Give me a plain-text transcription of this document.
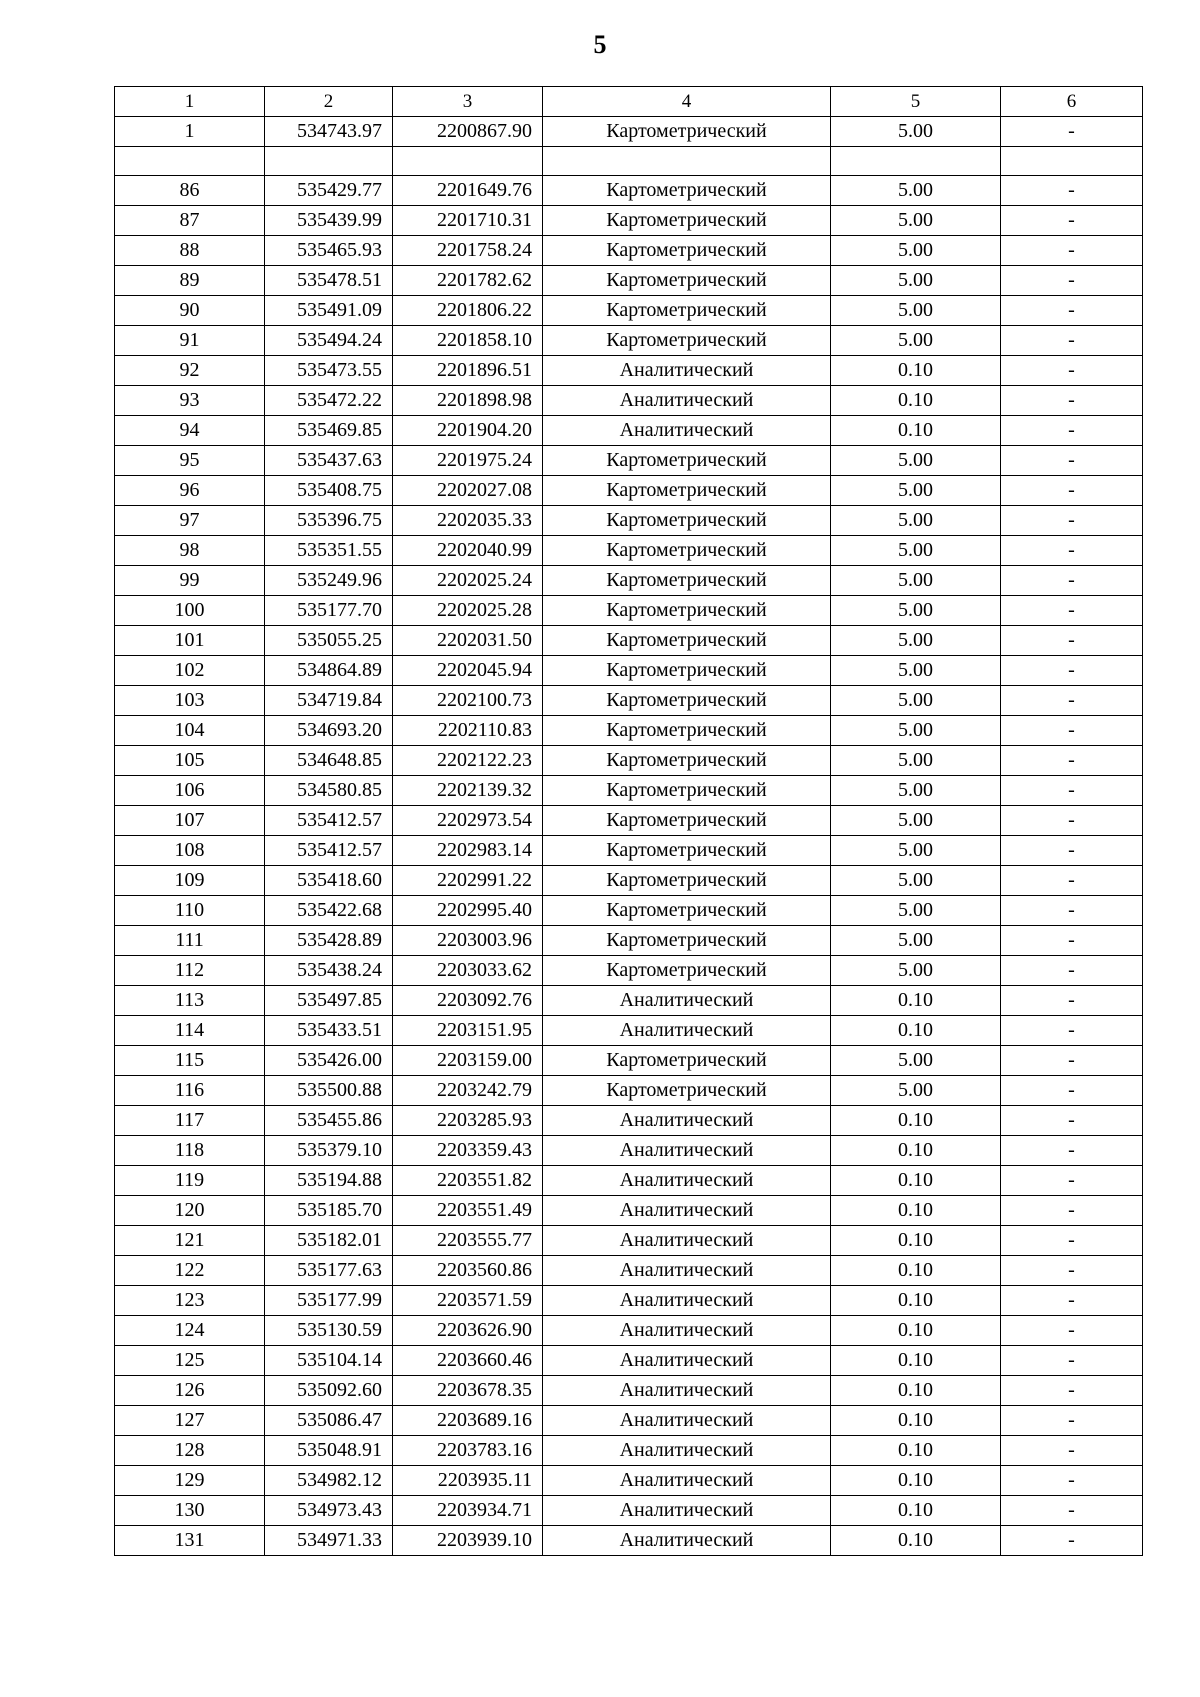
5
1	2	3	4	5	6
1	534743.97	2200867.90	Картометрический	5.00	-

86	535429.77	2201649.76	Картометрический	5.00	-
87	535439.99	2201710.31	Картометрический	5.00	-
88	535465.93	2201758.24	Картометрический	5.00	-
89	535478.51	2201782.62	Картометрический	5.00	-
90	535491.09	2201806.22	Картометрический	5.00	-
91	535494.24	2201858.10	Картометрический	5.00	-
92	535473.55	2201896.51	Аналитический	0.10	-
93	535472.22	2201898.98	Аналитический	0.10	-
94	535469.85	2201904.20	Аналитический	0.10	-
95	535437.63	2201975.24	Картометрический	5.00	-
96	535408.75	2202027.08	Картометрический	5.00	-
97	535396.75	2202035.33	Картометрический	5.00	-
98	535351.55	2202040.99	Картометрический	5.00	-
99	535249.96	2202025.24	Картометрический	5.00	-
100	535177.70	2202025.28	Картометрический	5.00	-
101	535055.25	2202031.50	Картометрический	5.00	-
102	534864.89	2202045.94	Картометрический	5.00	-
103	534719.84	2202100.73	Картометрический	5.00	-
104	534693.20	2202110.83	Картометрический	5.00	-
105	534648.85	2202122.23	Картометрический	5.00	-
106	534580.85	2202139.32	Картометрический	5.00	-
107	535412.57	2202973.54	Картометрический	5.00	-
108	535412.57	2202983.14	Картометрический	5.00	-
109	535418.60	2202991.22	Картометрический	5.00	-
110	535422.68	2202995.40	Картометрический	5.00	-
111	535428.89	2203003.96	Картометрический	5.00	-
112	535438.24	2203033.62	Картометрический	5.00	-
113	535497.85	2203092.76	Аналитический	0.10	-
114	535433.51	2203151.95	Аналитический	0.10	-
115	535426.00	2203159.00	Картометрический	5.00	-
116	535500.88	2203242.79	Картометрический	5.00	-
117	535455.86	2203285.93	Аналитический	0.10	-
118	535379.10	2203359.43	Аналитический	0.10	-
119	535194.88	2203551.82	Аналитический	0.10	-
120	535185.70	2203551.49	Аналитический	0.10	-
121	535182.01	2203555.77	Аналитический	0.10	-
122	535177.63	2203560.86	Аналитический	0.10	-
123	535177.99	2203571.59	Аналитический	0.10	-
124	535130.59	2203626.90	Аналитический	0.10	-
125	535104.14	2203660.46	Аналитический	0.10	-
126	535092.60	2203678.35	Аналитический	0.10	-
127	535086.47	2203689.16	Аналитический	0.10	-
128	535048.91	2203783.16	Аналитический	0.10	-
129	534982.12	2203935.11	Аналитический	0.10	-
130	534973.43	2203934.71	Аналитический	0.10	-
131	534971.33	2203939.10	Аналитический	0.10	-
